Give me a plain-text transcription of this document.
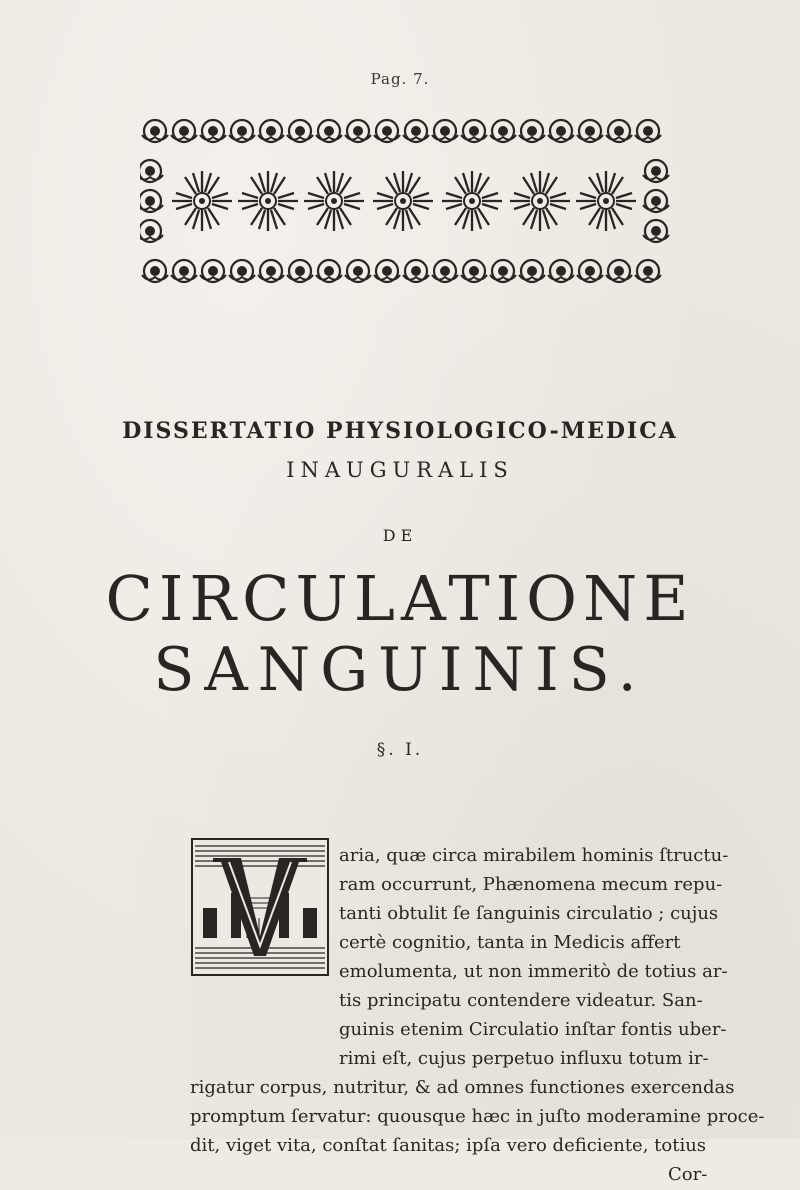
Pag. 7.
DISSERTATIO PHYSIOLOGICO-MEDICA
INAUGURALIS
DE
CIRCULATIONE
SANGUINIS.
§. I.
aria, quæ circa mirabilem hominis ſtructu-
ram occurrunt, Phænomena mecum repu-
tanti obtulit ſe ſanguinis circulatio ; cujus
certè cognitio, tanta in Medicis affert
emolumenta, ut non immeritò de totius ar-
tis principatu contendere videatur. San-
guinis etenim Circulatio inſtar fontis uber-
rimi eſt, cujus perpetuo influxu totum ir-
rigatur corpus, nutritur, & ad omnes functiones exercendas
promptum ſervatur: quousque hæc in juſto moderamine proce-
dit, viget vita, conſtat ſanitas; ipſa vero deficiente, totius
Cor-
